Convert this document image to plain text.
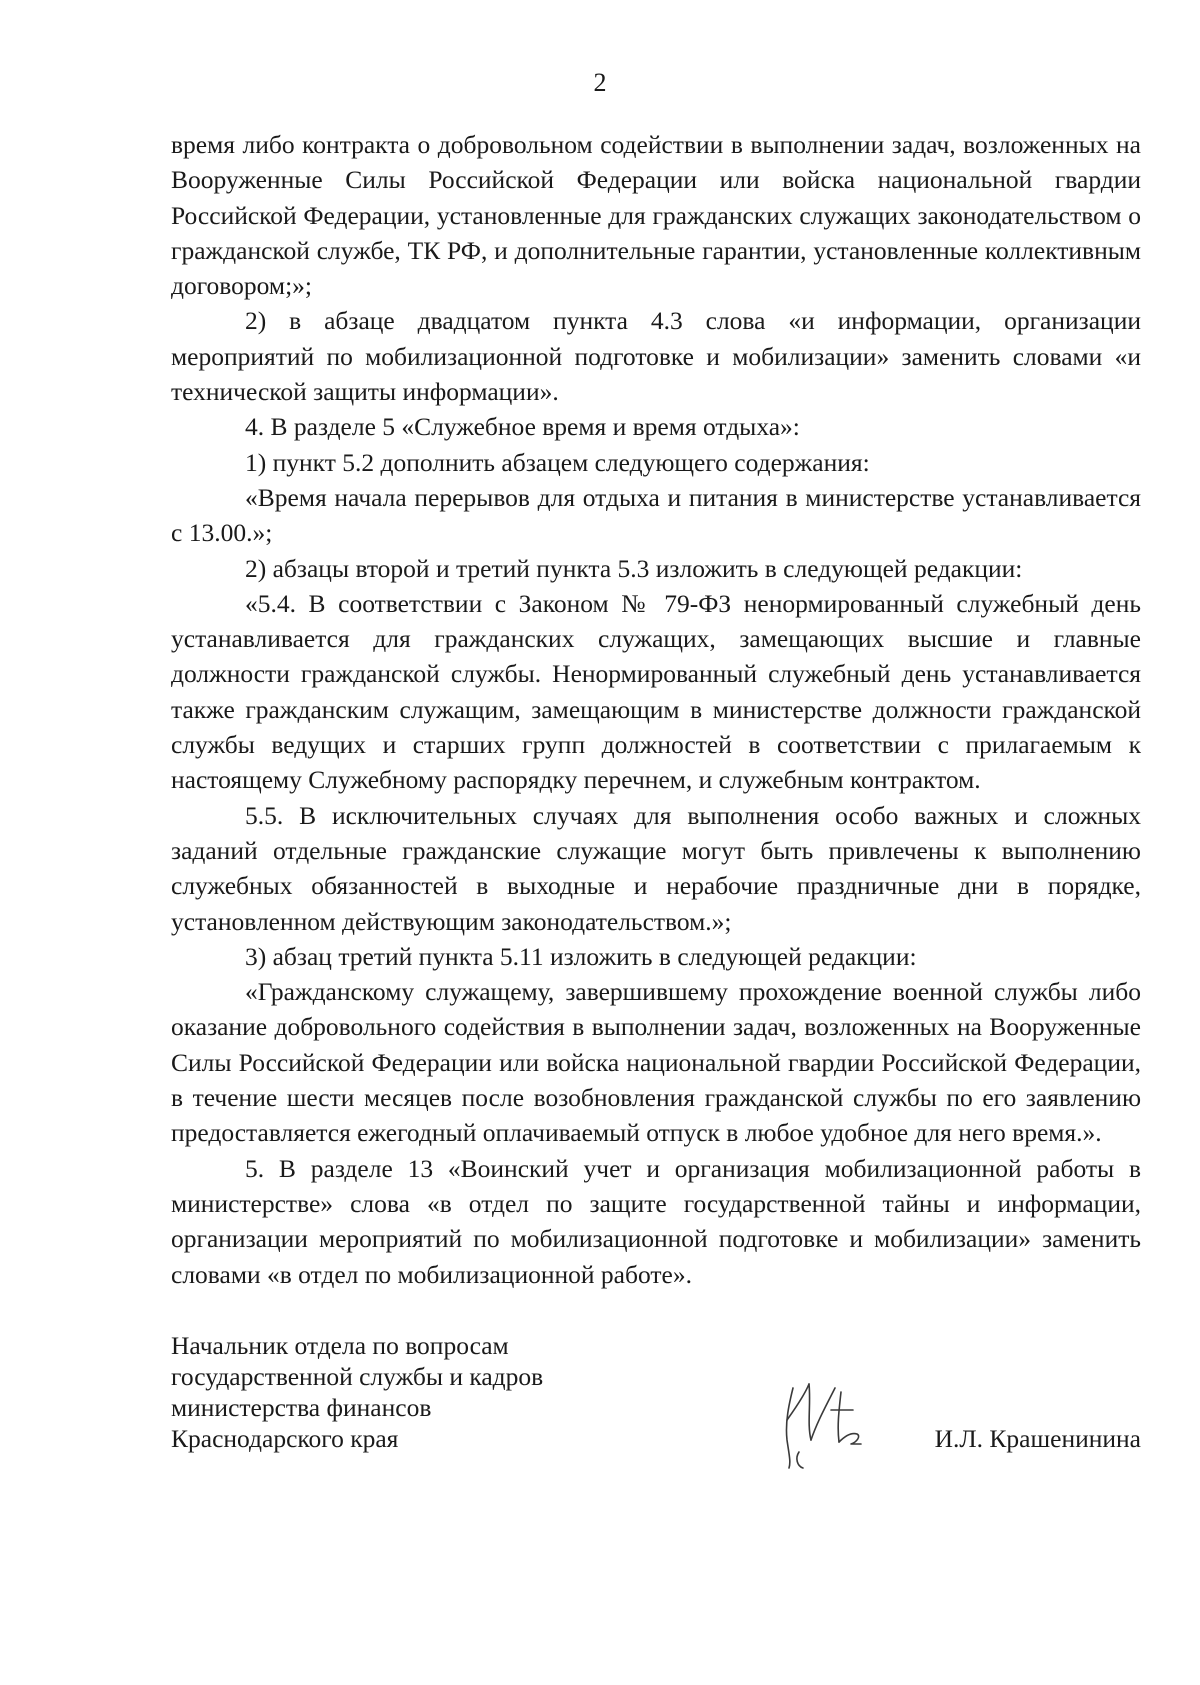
2

время либо контракта о добровольном содействии в выполнении задач, возложенных на Вооруженные Силы Российской Федерации или войска национальной гвардии Российской Федерации, установленные для гражданских служащих законодательством о гражданской службе, ТК РФ, и дополнительные гарантии, установленные коллективным договором;»;

2) в абзаце двадцатом пункта 4.3 слова «и информации, организации мероприятий по мобилизационной подготовке и мобилизации» заменить словами «и технической защиты информации».

4. В разделе 5 «Служебное время и время отдыха»:

1) пункт 5.2 дополнить абзацем следующего содержания:

«Время начала перерывов для отдыха и питания в министерстве устанавливается с 13.00.»;

2) абзацы второй и третий пункта 5.3 изложить в следующей редакции:

«5.4. В соответствии с Законом № 79-ФЗ ненормированный служебный день устанавливается для гражданских служащих, замещающих высшие и главные должности гражданской службы. Ненормированный служебный день устанавливается также гражданским служащим, замещающим в министерстве должности гражданской службы ведущих и старших групп должностей в соответствии с прилагаемым к настоящему Служебному распорядку перечнем, и служебным контрактом.

5.5. В исключительных случаях для выполнения особо важных и сложных заданий отдельные гражданские служащие могут быть привлечены к выполнению служебных обязанностей в выходные и нерабочие праздничные дни в порядке, установленном действующим законодательством.»;

3) абзац третий пункта 5.11 изложить в следующей редакции:

«Гражданскому служащему, завершившему прохождение военной службы либо оказание добровольного содействия в выполнении задач, возложенных на Вооруженные Силы Российской Федерации или войска национальной гвардии Российской Федерации, в течение шести месяцев после возобновления гражданской службы по его заявлению предоставляется ежегодный оплачиваемый отпуск в любое удобное для него время.».

5. В разделе 13 «Воинский учет и организация мобилизационной работы в министерстве» слова «в отдел по защите государственной тайны и информации, организации мероприятий по мобилизационной подготовке и мобилизации» заменить словами «в отдел по мобилизационной работе».

Начальник отдела по вопросам
государственной службы и кадров
министерства финансов
Краснодарского края	И.Л. Крашенинина
